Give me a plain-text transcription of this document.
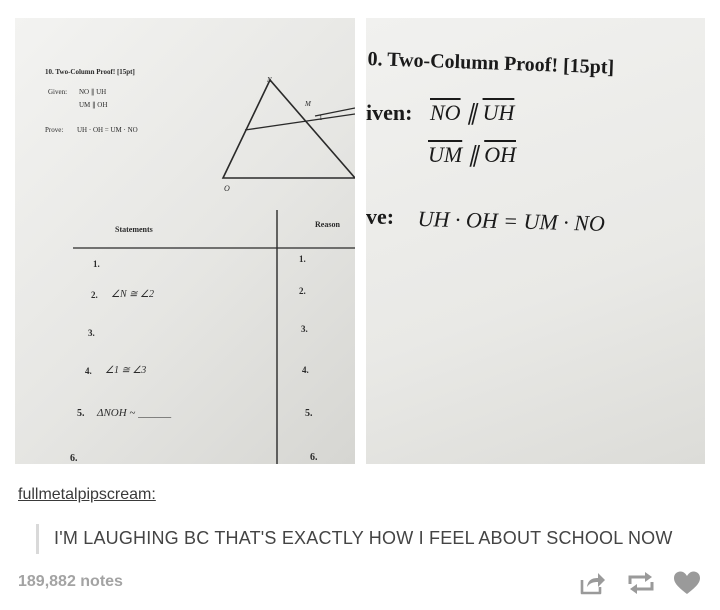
10. Two-Column Proof! [15pt]
Given: NO ∥ UH
UM ∥ OH
Prove: UH · OH = UM · NO
N
M
1
O
Statements
Reason
1.
2. ∠N ≅ ∠2
3.
4. ∠1 ≅ ∠3
5. ΔNOH ~ ______
6.
1.
2.
3.
4.
5.
6.
0. Two-Column Proof! [15pt]
iven: $\overline{NO}$ ∥ $\overline{UH}$
$\overline{UM}$ ∥ $\overline{OH}$
ve: UH · OH = UM · NO
fullmetalpipscream:
I'M LAUGHING BC THAT'S EXACTLY HOW I FEEL ABOUT SCHOOL NOW
189,882 notes
